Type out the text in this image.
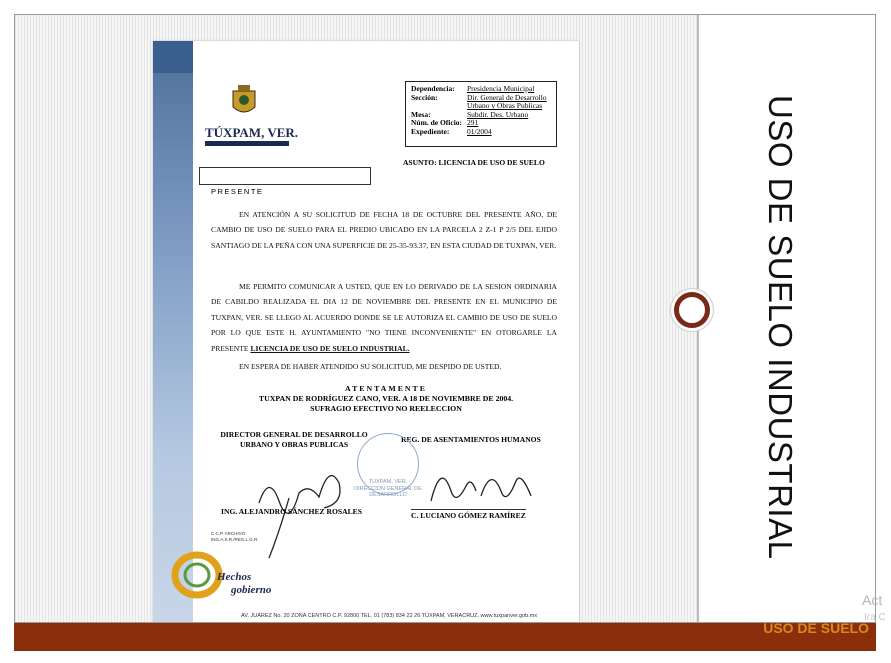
TÚXPAM, VER.
Dependencia:	Presidencia Municipal
Sección:	Dir. General de Desarrollo
Urbano y Obras Publicas
Mesa:	Subdir. Des. Urbano
Núm. de Oficio: 291
Expediente:	01/2004
ASUNTO: LICENCIA DE USO DE SUELO
PRESENTE
EN ATENCIÓN A SU SOLICITUD DE FECHA 18 DE OCTUBRE DEL PRESENTE AÑO, DE CAMBIO DE USO DE SUELO PARA EL PREDIO UBICADO EN LA PARCELA 2 Z-1 P 2/5 DEL EJIDO SANTIAGO DE LA PEÑA CON UNA SUPERFICIE DE 25-35-93.37, EN ESTA CIUDAD DE TUXPAN, VER.
ME PERMITO COMUNICAR A USTED, QUE EN LO DERIVADO DE LA SESION ORDINARIA DE CABILDO REALIZADA EL DIA 12 DE NOVIEMBRE DEL PRESENTE EN EL MUNICIPIO DE TUXPAN, VER. SE LLEGO AL ACUERDO DONDE SE LE AUTORIZA EL CAMBIO DE USO DE SUELO POR LO QUE ESTE H. AYUNTAMIENTO "NO TIENE INCONVENIENTE" EN OTORGARLE LA PRESENTE LICENCIA DE USO DE SUELO INDUSTRIAL.
EN ESPERA DE HABER ATENDIDO SU SOLICITUD, ME DESPIDO DE USTED.
ATENTAMENTE
TUXPAN DE RODRÍGUEZ CANO, VER. A 18 DE NOVIEMBRE DE 2004.
SUFRAGIO EFECTIVO NO REELECCION
DIRECTOR GENERAL DE DESARROLLO
URBANO Y OBRAS PUBLICAS
REG. DE ASENTAMIENTOS HUMANOS
TUXPAM, VER. DIRECCION GENERAL DE DESARROLLO
ING. ALEJANDRO SÁNCHEZ ROSALES	C. LUCIANO GÓMEZ RAMÍREZ
C.C.P. ARCHIVO
ING.A.S.R./REG.L.G.R.
Hechos
gobierno
AV. JUÁREZ No. 20 ZONA CENTRO C.P. 92800 TEL. 01 (783) 834 22 26 TÚXPAM, VERACRUZ. www.tuxpanver.gob.mx
USO DE SUELO INDUSTRIAL
USO DE SUELO
Act
Ira C
